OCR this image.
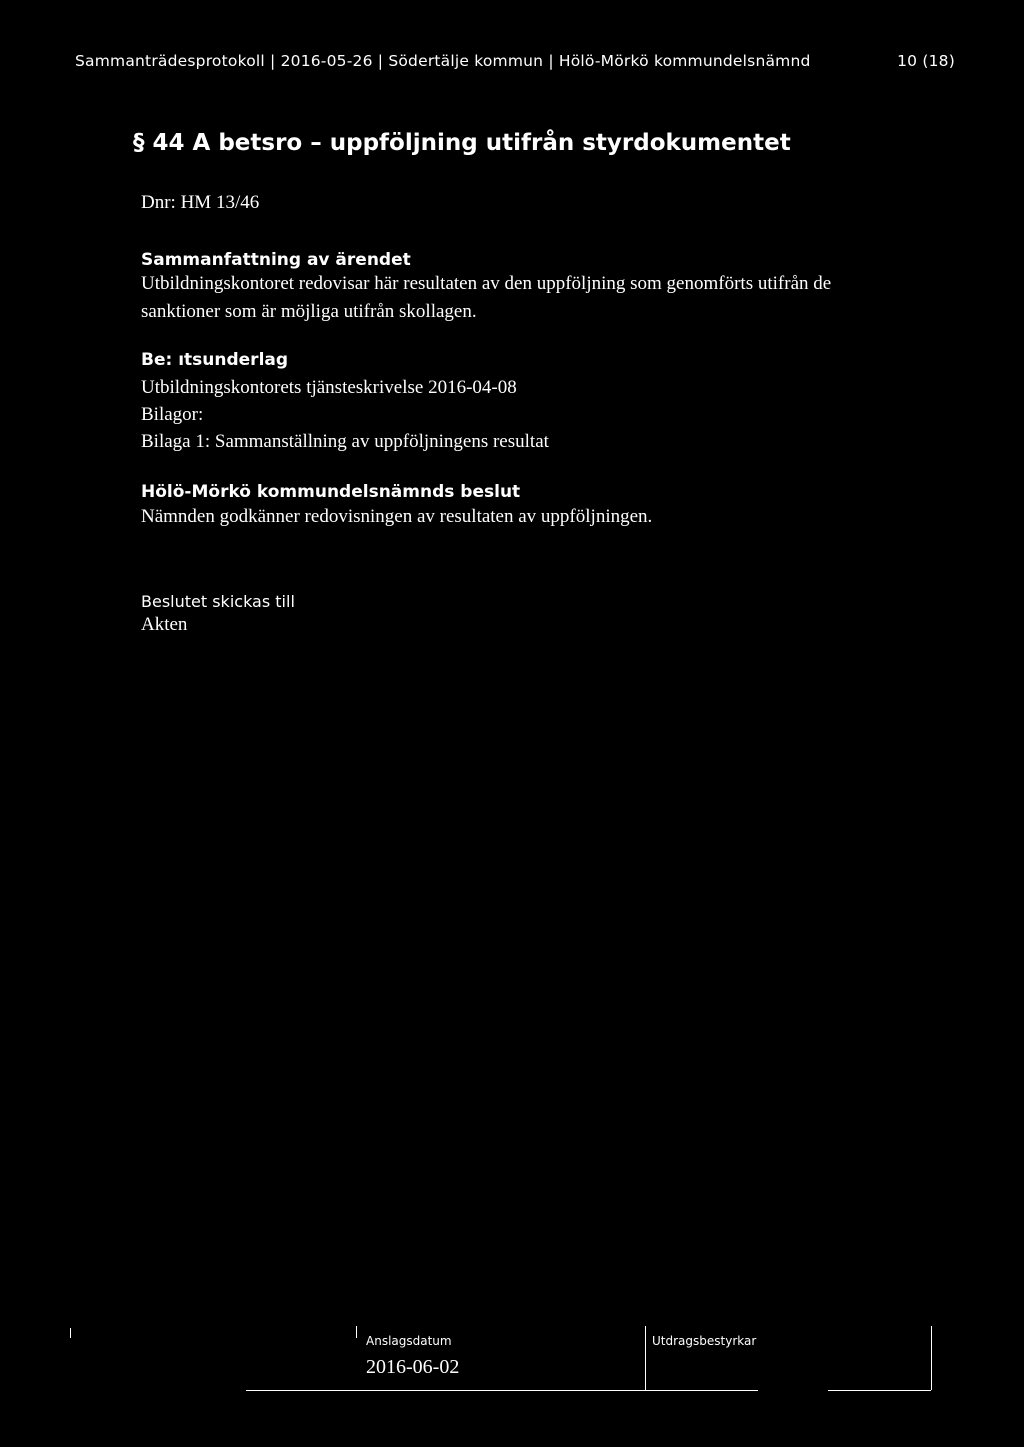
Sammanträdesprotokoll | 2016-05-26 | Södertälje kommun | Hölö-Mörkö kommundelsnämnd	10 (18)
§ 44 A betsro – uppföljning utifrån styrdokumentet
Dnr: HM 13/46
Sammanfattning av ärendet
Utbildningskontoret redovisar här resultaten av den uppföljning som genomförts utifrån de sanktioner som är möjliga utifrån skollagen.
Be: ıtsunderlag
Utbildningskontorets tjänsteskrivelse 2016-04-08
Bilagor:
Bilaga 1: Sammanställning av uppföljningens resultat
Hölö-Mörkö kommundelsnämnds beslut
Nämnden godkänner redovisningen av resultaten av uppföljningen.
Beslutet skickas till
Akten
Anslagsdatum
2016-06-02
Utdragsbestyrkar
